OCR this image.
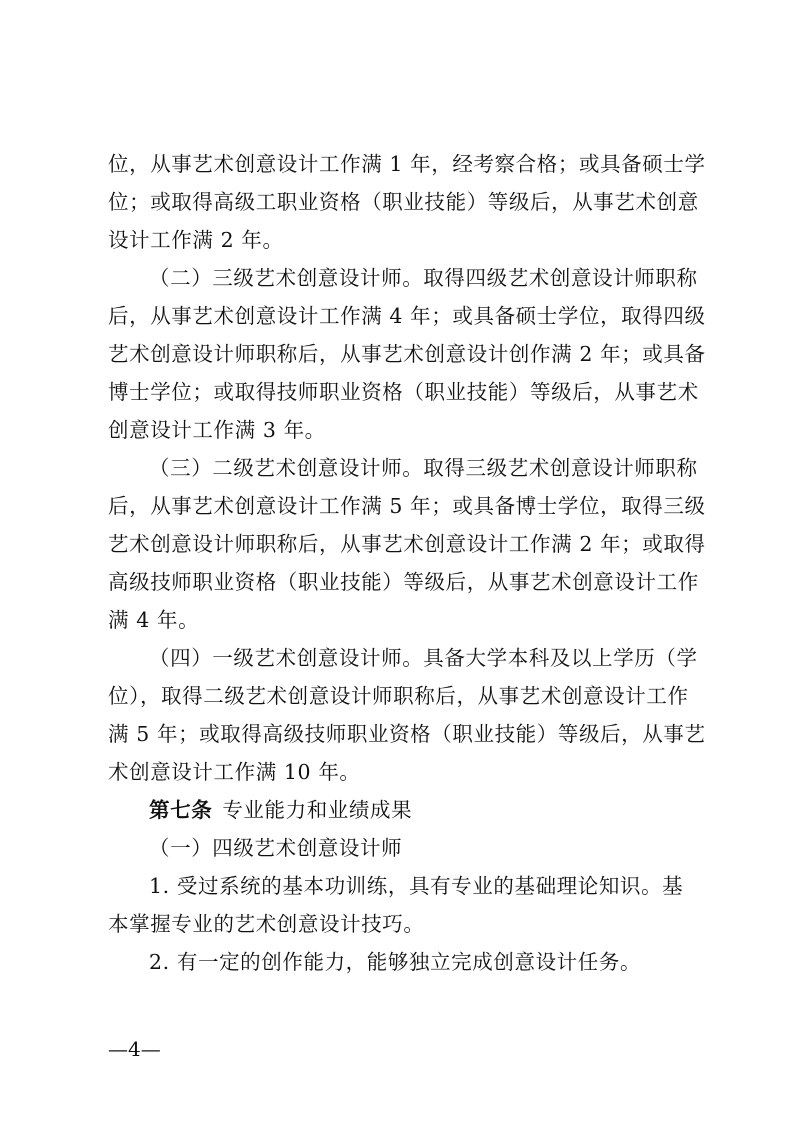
位，从事艺术创意设计工作满 1 年，经考察合格；或具备硕士学
位；或取得高级工职业资格（职业技能）等级后，从事艺术创意
设计工作满 2 年。

（二）三级艺术创意设计师。取得四级艺术创意设计师职称
后，从事艺术创意设计工作满 4 年；或具备硕士学位，取得四级
艺术创意设计师职称后，从事艺术创意设计创作满 2 年；或具备
博士学位；或取得技师职业资格（职业技能）等级后，从事艺术
创意设计工作满 3 年。

（三）二级艺术创意设计师。取得三级艺术创意设计师职称
后，从事艺术创意设计工作满 5 年；或具备博士学位，取得三级
艺术创意设计师职称后，从事艺术创意设计工作满 2 年；或取得
高级技师职业资格（职业技能）等级后，从事艺术创意设计工作
满 4 年。

（四）一级艺术创意设计师。具备大学本科及以上学历（学
位），取得二级艺术创意设计师职称后，从事艺术创意设计工作
满 5 年；或取得高级技师职业资格（职业技能）等级后，从事艺
术创意设计工作满 10 年。

第七条 专业能力和业绩成果

（一）四级艺术创意设计师

1. 受过系统的基本功训练，具有专业的基础理论知识。基
本掌握专业的艺术创意设计技巧。

2. 有一定的创作能力，能够独立完成创意设计任务。

—4—
